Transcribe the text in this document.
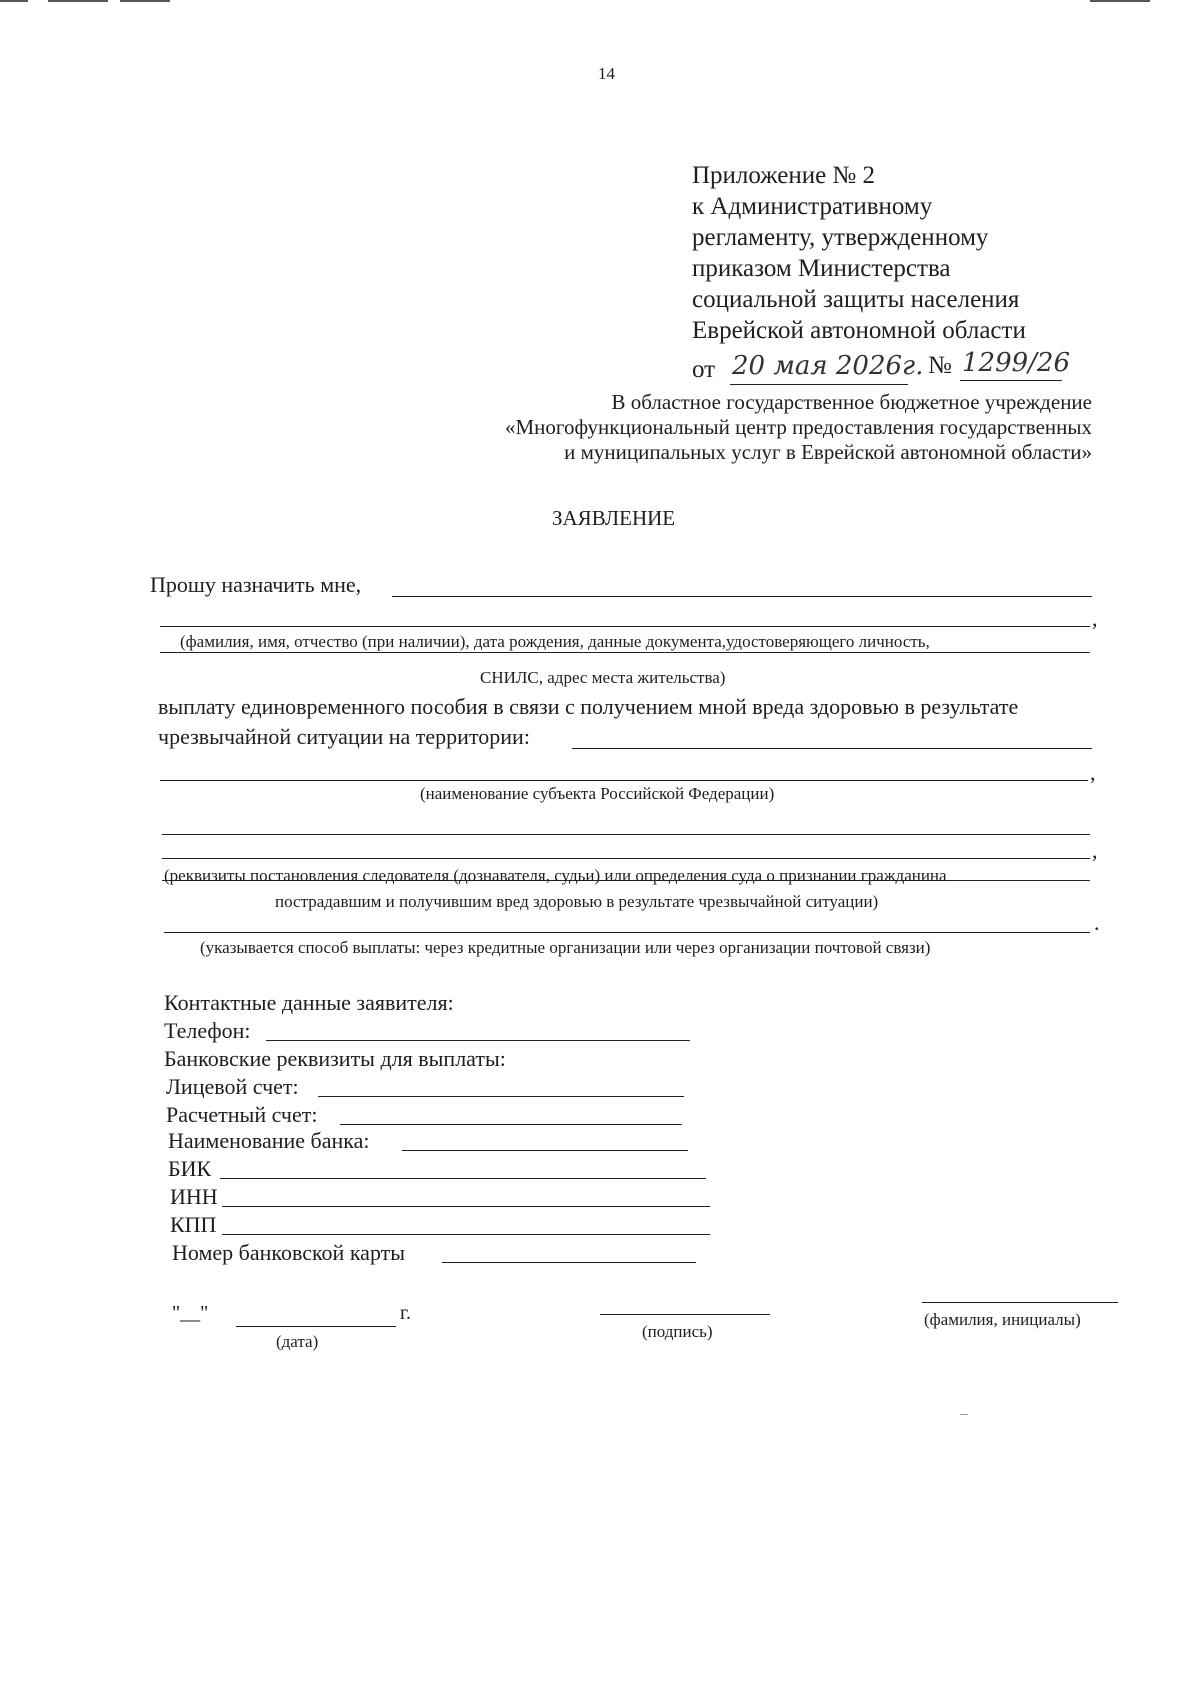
14
Приложение № 2
к Административному
регламенту, утвержденному
приказом Министерства
социальной защиты населения
Еврейской автономной области
от 20 мая 2026г. № 1299/26
В областное государственное бюджетное учреждение
«Многофункциональный центр предоставления государственных
и муниципальных услуг в Еврейской автономной области»
ЗАЯВЛЕНИЕ
Прошу назначить мне,
,
(фамилия, имя, отчество (при наличии), дата рождения, данные документа,удостоверяющего личность,
СНИЛС, адрес места жительства)
выплату единовременного пособия в связи с получением мной вреда здоровью в результате
чрезвычайной ситуации на территории:
,
(наименование субъекта Российской Федерации)
,
(реквизиты постановления следователя (дознавателя, судьи) или определения суда о признании гражданина
пострадавшим и получившим вред здоровью в результате чрезвычайной ситуации)
.
(указывается способ выплаты: через кредитные организации или через организации почтовой связи)
Контактные данные заявителя:
Телефон:
Банковские реквизиты для выплаты:
Лицевой счет:
Расчетный счет:
Наименование банка:
БИК
ИНН
КПП
Номер банковской карты
"__"	г.
(дата)
(подпись)
(фамилия, инициалы)
